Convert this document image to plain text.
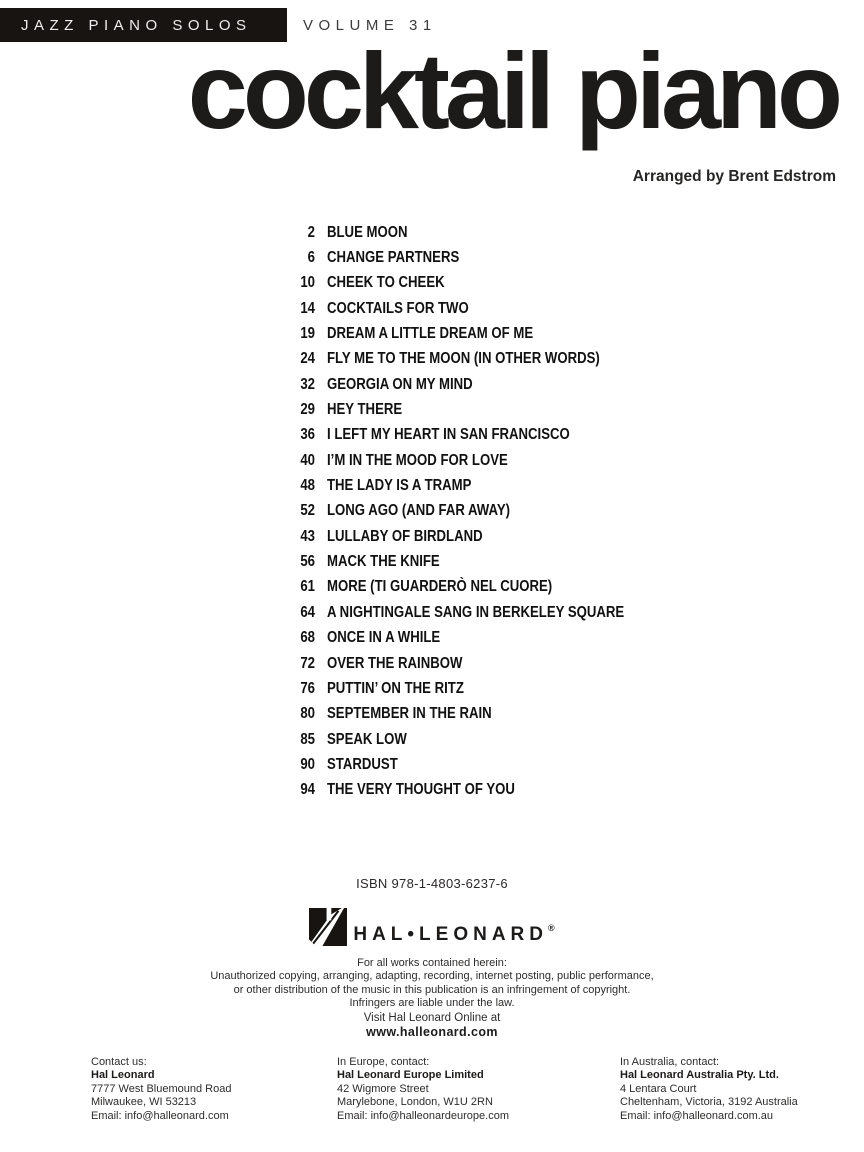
JAZZ PIANO SOLOS	VOLUME 31
cocktail piano
Arranged by Brent Edstrom
2 BLUE MOON
6 CHANGE PARTNERS
10 CHEEK TO CHEEK
14 COCKTAILS FOR TWO
19 DREAM A LITTLE DREAM OF ME
24 FLY ME TO THE MOON (IN OTHER WORDS)
32 GEORGIA ON MY MIND
29 HEY THERE
36 I LEFT MY HEART IN SAN FRANCISCO
40 I’M IN THE MOOD FOR LOVE
48 THE LADY IS A TRAMP
52 LONG AGO (AND FAR AWAY)
43 LULLABY OF BIRDLAND
56 MACK THE KNIFE
61 MORE (TI GUARDERÒ NEL CUORE)
64 A NIGHTINGALE SANG IN BERKELEY SQUARE
68 ONCE IN A WHILE
72 OVER THE RAINBOW
76 PUTTIN’ ON THE RITZ
80 SEPTEMBER IN THE RAIN
85 SPEAK LOW
90 STARDUST
94 THE VERY THOUGHT OF YOU
ISBN 978-1-4803-6237-6
HAL•LEONARD®
For all works contained herein:
Unauthorized copying, arranging, adapting, recording, internet posting, public performance,
or other distribution of the music in this publication is an infringement of copyright.
Infringers are liable under the law.
Visit Hal Leonard Online at
www.halleonard.com
Contact us:
Hal Leonard
7777 West Bluemound Road
Milwaukee, WI 53213
Email: info@halleonard.com
In Europe, contact:
Hal Leonard Europe Limited
42 Wigmore Street
Marylebone, London, W1U 2RN
Email: info@halleonardeurope.com
In Australia, contact:
Hal Leonard Australia Pty. Ltd.
4 Lentara Court
Cheltenham, Victoria, 3192 Australia
Email: info@halleonard.com.au
